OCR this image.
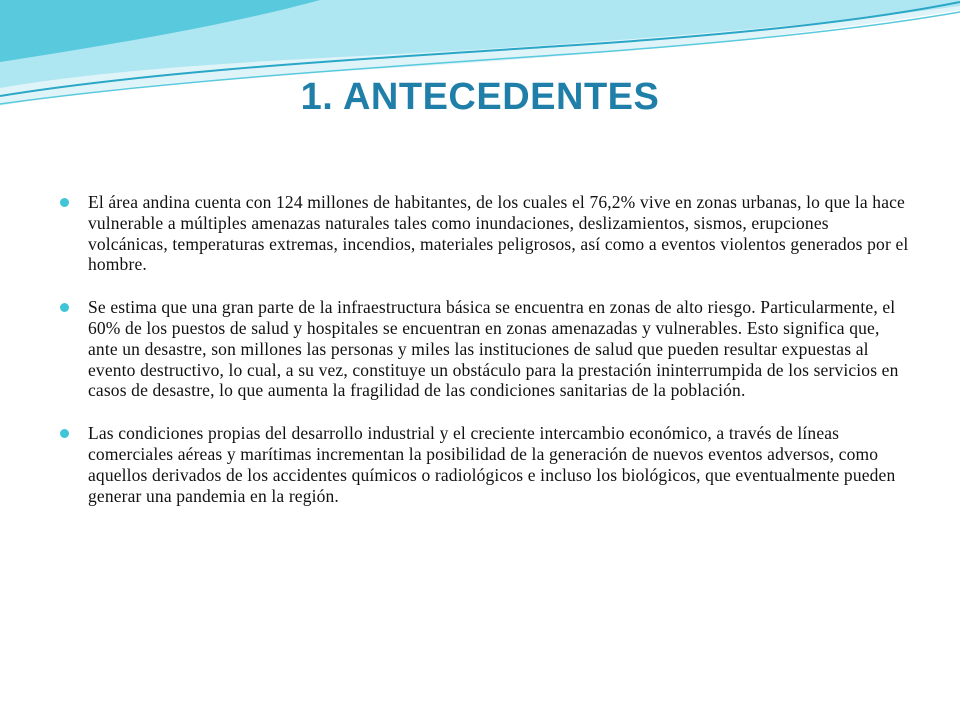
1. ANTECEDENTES
El área andina cuenta con 124 millones de habitantes, de los cuales el 76,2% vive en zonas urbanas, lo que la hace vulnerable a múltiples amenazas naturales tales como inundaciones, deslizamientos, sismos, erupciones volcánicas, temperaturas extremas, incendios, materiales peligrosos, así como a eventos violentos generados por el hombre.
Se estima que una gran parte de la infraestructura básica se encuentra en zonas de alto riesgo. Particularmente, el 60% de los puestos de salud y hospitales se encuentran en zonas amenazadas y vulnerables. Esto significa que, ante un desastre, son millones las personas y miles las instituciones de salud que pueden resultar expuestas al evento destructivo, lo cual, a su vez, constituye un obstáculo para la prestación ininterrumpida de los servicios en casos de desastre, lo que aumenta la fragilidad de las condiciones sanitarias de la población.
Las condiciones propias del desarrollo industrial y el creciente intercambio económico, a través de líneas comerciales aéreas y marítimas incrementan la posibilidad de la generación de nuevos eventos adversos, como aquellos derivados de los accidentes químicos o radiológicos e incluso los biológicos, que eventualmente pueden generar una pandemia en la región.
